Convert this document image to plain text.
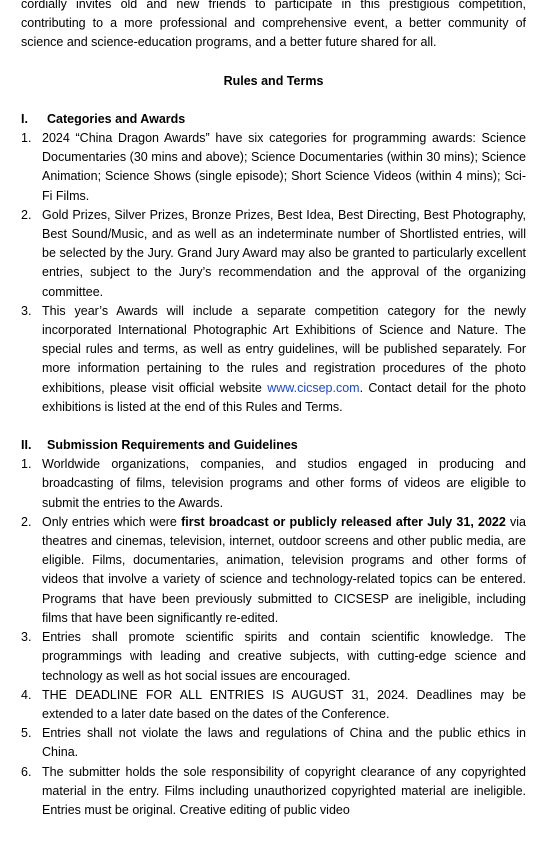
cordially invites old and new friends to participate in this prestigious competition, contributing to a more professional and comprehensive event, a better community of science and science-education programs, and a better future shared for all.

Rules and Terms

I.	Categories and Awards
1. 2024 “China Dragon Awards” have six categories for programming awards: Science Documentaries (30 mins and above); Science Documentaries (within 30 mins); Science Animation; Science Shows (single episode); Short Science Videos (within 4 mins); Sci-Fi Films.
2. Gold Prizes, Silver Prizes, Bronze Prizes, Best Idea, Best Directing, Best Photography, Best Sound/Music, and as well as an indeterminate number of Shortlisted entries, will be selected by the Jury. Grand Jury Award may also be granted to particularly excellent entries, subject to the Jury’s recommendation and the approval of the organizing committee.
3. This year’s Awards will include a separate competition category for the newly incorporated International Photographic Art Exhibitions of Science and Nature. The special rules and terms, as well as entry guidelines, will be published separately. For more information pertaining to the rules and registration procedures of the photo exhibitions, please visit official website www.cicsep.com. Contact detail for the photo exhibitions is listed at the end of this Rules and Terms.
II.	Submission Requirements and Guidelines
1. Worldwide organizations, companies, and studios engaged in producing and broadcasting of films, television programs and other forms of videos are eligible to submit the entries to the Awards.
2. Only entries which were first broadcast or publicly released after July 31, 2022 via theatres and cinemas, television, internet, outdoor screens and other public media, are eligible. Films, documentaries, animation, television programs and other forms of videos that involve a variety of science and technology-related topics can be entered. Programs that have been previously submitted to CICSESP are ineligible, including films that have been significantly re-edited.
3. Entries shall promote scientific spirits and contain scientific knowledge. The programmings with leading and creative subjects, with cutting-edge science and technology as well as hot social issues are encouraged.
4. THE DEADLINE FOR ALL ENTRIES IS AUGUST 31, 2024. Deadlines may be extended to a later date based on the dates of the Conference.
5. Entries shall not violate the laws and regulations of China and the public ethics in China.
6. The submitter holds the sole responsibility of copyright clearance of any copyrighted material in the entry. Films including unauthorized copyrighted material are ineligible. Entries must be original. Creative editing of public video
